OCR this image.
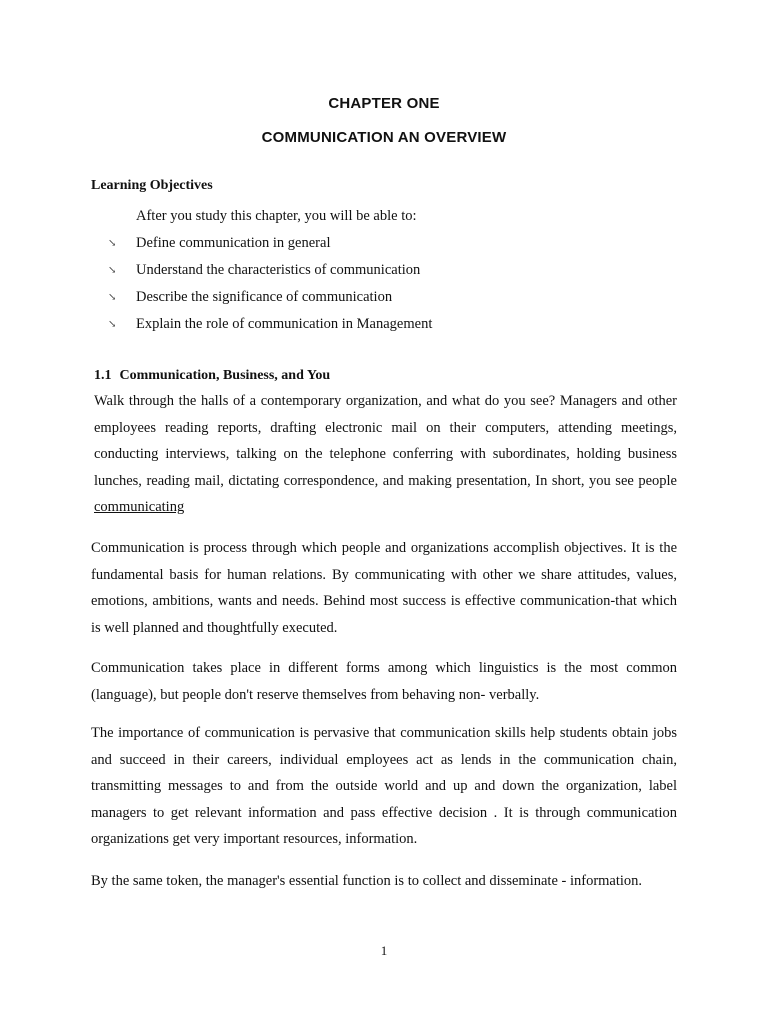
CHAPTER ONE
COMMUNICATION AN OVERVIEW
Learning Objectives
After you study this chapter, you will be able to:
↘	Define communication in general
↘	Understand the characteristics of communication
↘	Describe the significance of communication
↘	Explain the role of communication in Management
1.1 Communication, Business, and You

Walk through the halls of a contemporary organization, and what do you see? Managers and other employees reading reports, drafting electronic mail on their computers, attending meetings, conducting interviews, talking on the telephone conferring with subordinates, holding business lunches, reading mail, dictating correspondence, and making presentation, In short, you see people communicating

Communication is process through which people and organizations accomplish objectives. It is the fundamental basis for human relations. By communicating with other we share attitudes, values, emotions, ambitions, wants and needs. Behind most success is effective communication-that which is well planned and thoughtfully executed.

Communication takes place in different forms among which linguistics is the most common (language), but people don't reserve themselves from behaving non- verbally.

The importance of communication is pervasive that communication skills help students obtain jobs and succeed in their careers, individual employees act as lends in the communication chain, transmitting messages to and from the outside world and up and down the organization, label managers to get relevant information and pass effective decision . It is through communication organizations get very important resources, information.

By the same token, the manager's essential function is to collect and disseminate - information.

1
